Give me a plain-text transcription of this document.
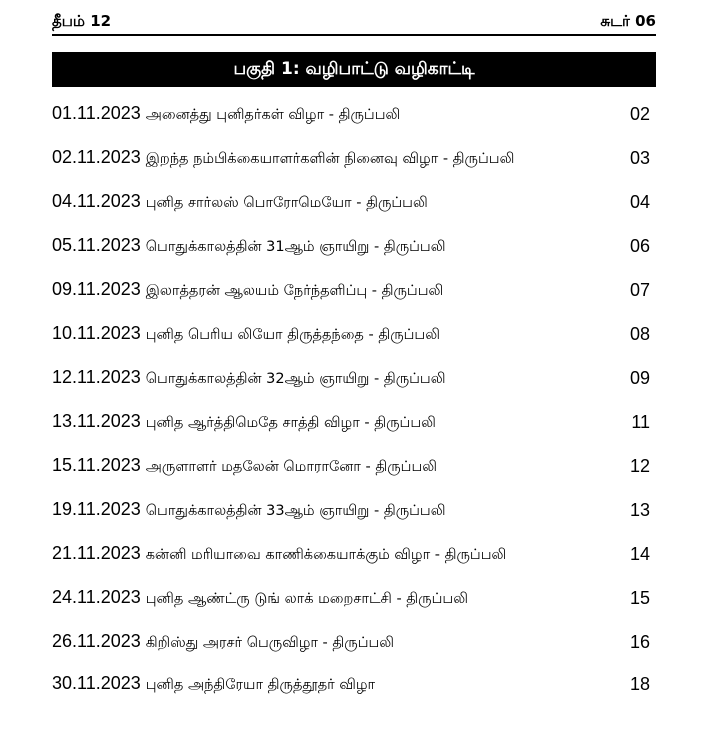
தீபம் 12	சுடர் 06
பகுதி 1: வழிபாட்டு வழிகாட்டி
01.11.2023 அனைத்து புனிதர்கள் விழா - திருப்பலி	02
02.11.2023 இறந்த நம்பிக்கையாளர்களின் நினைவு விழா - திருப்பலி	03
04.11.2023 புனித சார்லஸ் பொரோமெயோ - திருப்பலி	04
05.11.2023 பொதுக்காலத்தின் 31ஆம் ஞாயிறு - திருப்பலி	06
09.11.2023 இலாத்தரன் ஆலயம் நேர்ந்தளிப்பு - திருப்பலி	07
10.11.2023 புனித பெரிய லியோ திருத்தந்தை - திருப்பலி	08
12.11.2023 பொதுக்காலத்தின் 32ஆம் ஞாயிறு - திருப்பலி	09
13.11.2023 புனித ஆர்த்திமெதே சாத்தி விழா - திருப்பலி	11
15.11.2023 அருளாளர் மதலேன் மொரானோ - திருப்பலி	12
19.11.2023 பொதுக்காலத்தின் 33ஆம் ஞாயிறு - திருப்பலி	13
21.11.2023 கன்னி மரியாவை காணிக்கையாக்கும் விழா - திருப்பலி	14
24.11.2023 புனித ஆண்ட்ரு டுங் லாக் மறைசாட்சி - திருப்பலி	15
26.11.2023 கிறிஸ்து அரசர் பெருவிழா - திருப்பலி	16
30.11.2023 புனித அந்திரேயா திருத்தூதர் விழா	18
